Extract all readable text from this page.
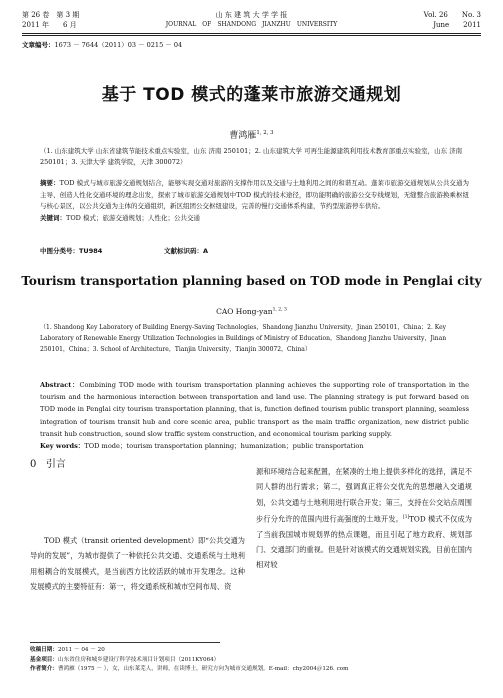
第 26 卷　第 3 期
2011 年　　6 月
山 东 建 筑 大 学 学 报
JOURNAL　OF　SHANDONG　JIANZHU　UNIVERSITY
Vol. 26　　No. 3
June　　2011
文章编号：1673 － 7644（2011）03 － 0215 － 04
基于 TOD 模式的蓬莱市旅游交通规划
曹鸿雁$^{1, 2, 3}$
（1. 山东建筑大学 山东省建筑节能技术重点实验室，山东 济南 250101；2. 山东建筑大学 可再生能源建筑利用技术教育部重点实验室，山东 济南 250101；3. 天津大学 建筑学院，天津 300072）
摘要：TOD 模式与城市旅游交通规划结合，能够实现交通对旅游的支撑作用以及交通与土地利用之间的和谐互动。蓬莱市旅游交通规划从公共交通为主导、创造人性化交通环境的理念出发，探索了城市旅游交通规划中TOD 模式的技术途径，即功能明确的旅游公交专线规划，无缝整合旅游换乘枢纽与核心景区，以公共交通为主体的交通组织，新区组团公交枢纽建设，完善的慢行交通体系构建，节约型旅游停车供给。
关键词：TOD 模式；旅游交通规划；人性化；公共交通
中图分类号：TU984	文献标识码：A
Tourism transportation planning based on TOD mode in Penglai city
CAO Hong-yan$^{1, 2, 3}$
（1. Shandong Key Laboratory of Building Energy-Saving Technologies，Shandong Jianzhu University，Jinan 250101，China；2. Key Laboratory of Renewable Energy Utilization Technologies in Buildings of Ministry of Education，Shandong Jianzhu University，Jinan 250101，China；3. School of Architecture，Tianjin University，Tianjin 300072，China）
Abstract：Combining TOD mode with tourism transportation planning achieves the supporting role of transportation in the tourism and the harmonious interaction between transportation and land use. The planning strategy is put forward based on TOD mode in Penglai city tourism transportation planning, that is, function defined tourism public transport planning, seamless integration of tourism transit hub and core scenic area, public transport as the main traffic organization, new district public transit hub construction, sound slow traffic system construction, and economical tourism parking supply.
Key words：TOD mode；tourism transportation planning；humanization；public transportation
0 引言
TOD 模式（transit oriented development）即“公共交通为导向的发展”，为城市提供了一种依托公共交通、交通系统与土地利用相耦合的发展模式，是当前西方比较活跃的城市开发理念。这种发展模式的主要特征有：第一，将交通系统和城市空间布局、资
源和环境结合起来配置，在紧凑的土地上提供多样化的选择，满足不同人群的出行需求；第二，强调真正将公交优先的思想融入交通规划，公共交通与土地利用进行联合开发；第三，支持在公交站点周围步行分允许的范围内进行高强度的土地开发。[1]TOD 模式不仅成为了当前我国城市规划界的热点课题，而且引起了地方政府、规划部门、交通部门的重视。但是针对该模式的交通规划实践，目前在国内相对较
收稿日期：2011 － 04 － 20
基金项目：山东省住房和城乡建设厅科学技术项目计划项目（2011KY064）
作者简介：曹鸿雁（1975 － ），女，山东莱芜人，讲师，在读博士，研究方向为城市交通规划。E-mail：chy2004＠126. com
